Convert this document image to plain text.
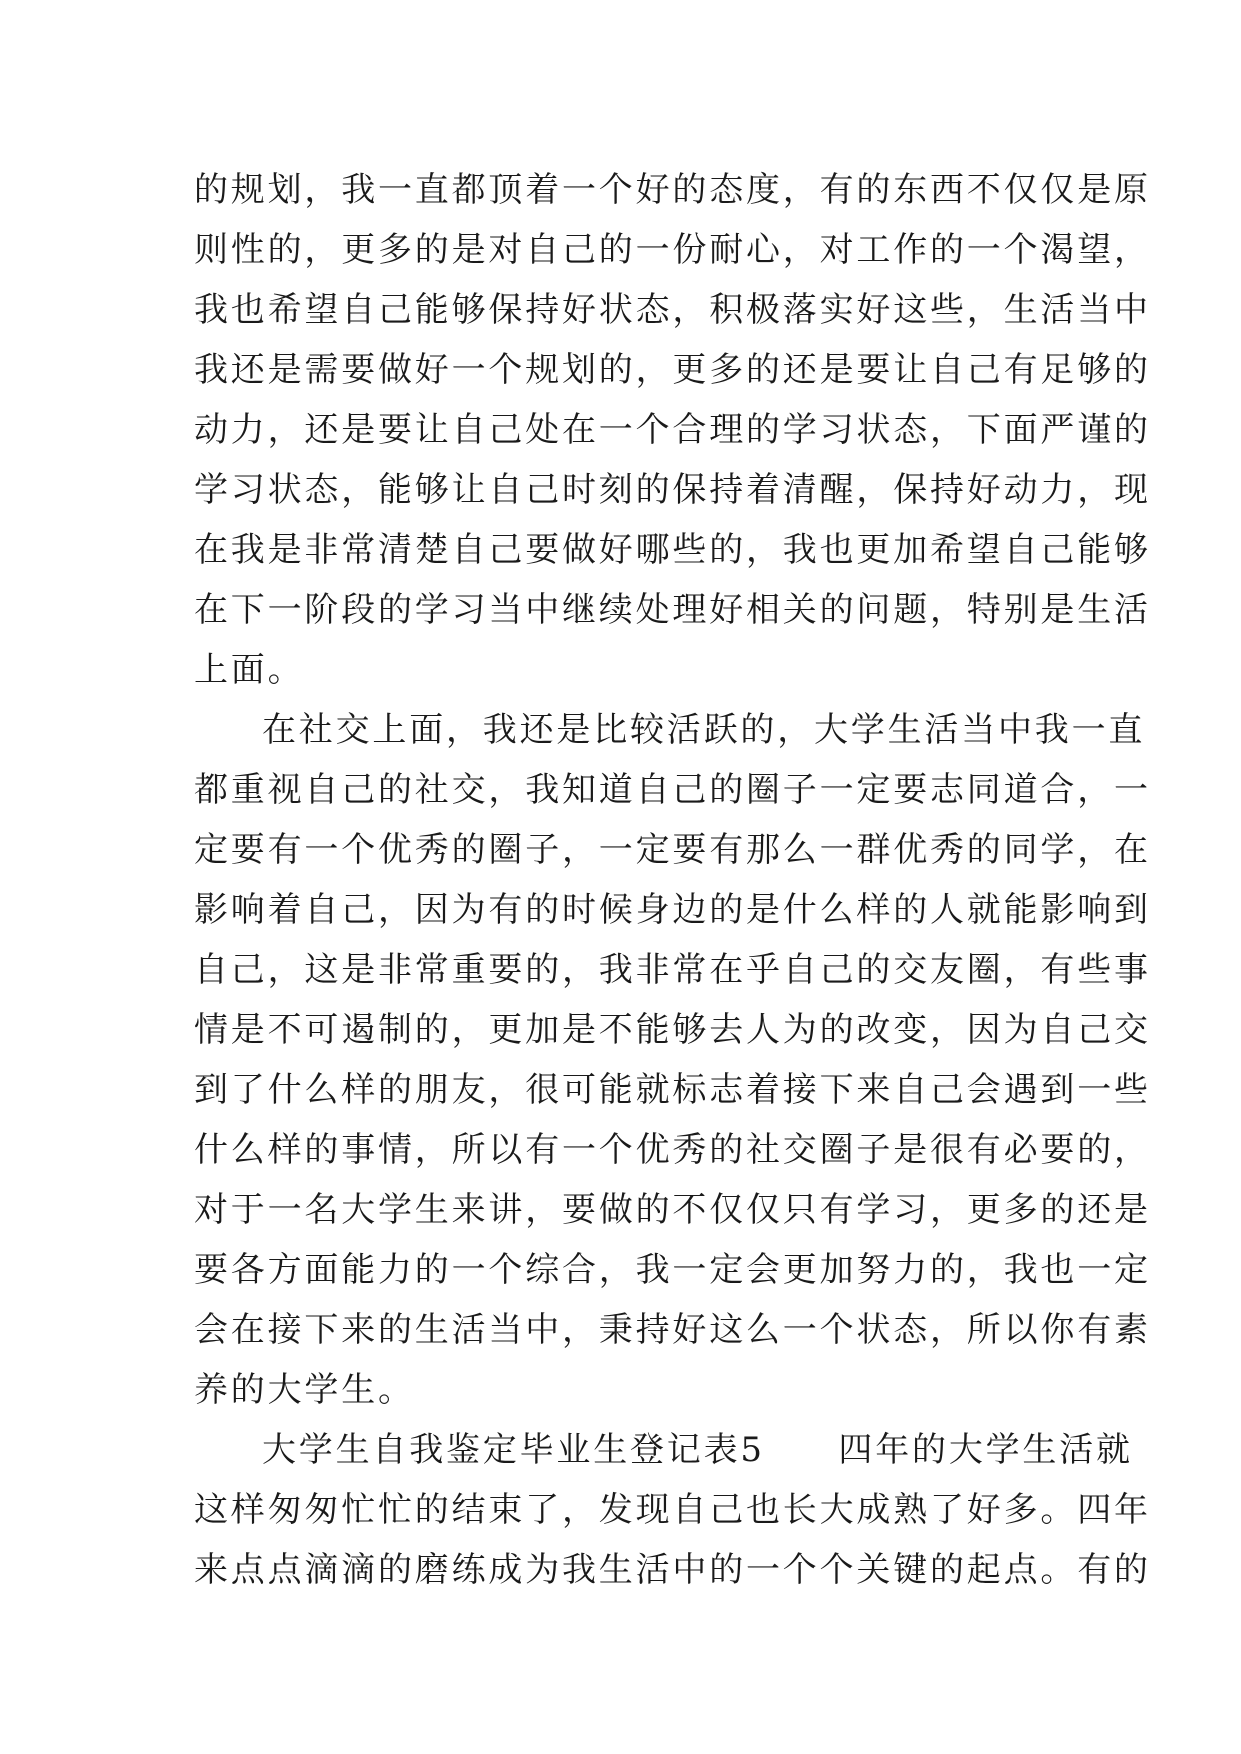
的规划，我一直都顶着一个好的态度，有的东西不仅仅是原
则性的，更多的是对自己的一份耐心，对工作的一个渴望，
我也希望自己能够保持好状态，积极落实好这些，生活当中
我还是需要做好一个规划的，更多的还是要让自己有足够的
动力，还是要让自己处在一个合理的学习状态，下面严谨的
学习状态，能够让自己时刻的保持着清醒，保持好动力，现
在我是非常清楚自己要做好哪些的，我也更加希望自己能够
在下一阶段的学习当中继续处理好相关的问题，特别是生活
上面。
在社交上面，我还是比较活跃的，大学生活当中我一直
都重视自己的社交，我知道自己的圈子一定要志同道合，一
定要有一个优秀的圈子，一定要有那么一群优秀的同学，在
影响着自己，因为有的时候身边的是什么样的人就能影响到
自己，这是非常重要的，我非常在乎自己的交友圈，有些事
情是不可遏制的，更加是不能够去人为的改变，因为自己交
到了什么样的朋友，很可能就标志着接下来自己会遇到一些
什么样的事情，所以有一个优秀的社交圈子是很有必要的，
对于一名大学生来讲，要做的不仅仅只有学习，更多的还是
要各方面能力的一个综合，我一定会更加努力的，我也一定
会在接下来的生活当中，秉持好这么一个状态，所以你有素
养的大学生。
大学生自我鉴定毕业生登记表5　　四年的大学生活就
这样匆匆忙忙的结束了，发现自己也长大成熟了好多。四年
来点点滴滴的磨练成为我生活中的一个个关键的起点。有的
